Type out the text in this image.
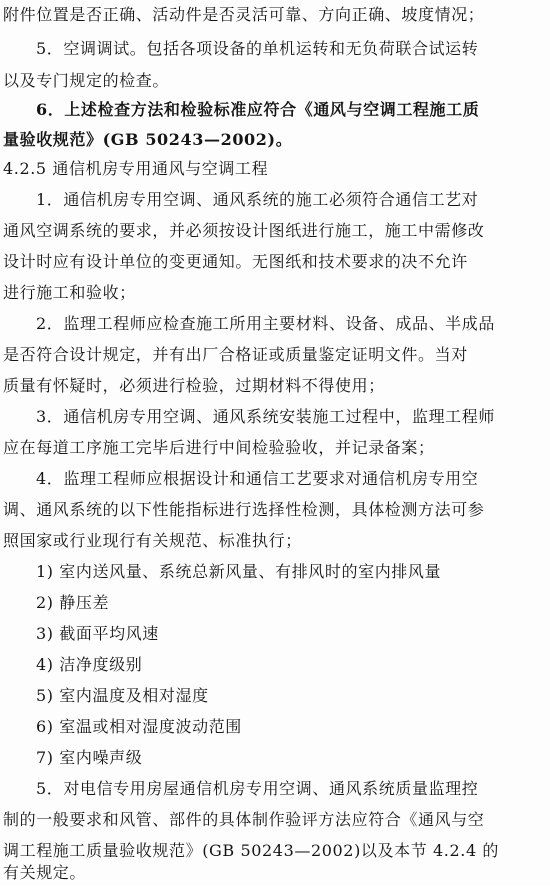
附件位置是否正确、活动件是否灵活可靠、方向正确、坡度情况；
5．空调调试。包括各项设备的单机运转和无负荷联合试运转
以及专门规定的检查。
6．上述检查方法和检验标准应符合《通风与空调工程施工质
量验收规范》(GB 50243—2002)。
4.2.5 通信机房专用通风与空调工程
1．通信机房专用空调、通风系统的施工必须符合通信工艺对
通风空调系统的要求，并必须按设计图纸进行施工，施工中需修改
设计时应有设计单位的变更通知。无图纸和技术要求的决不允许
进行施工和验收；
2．监理工程师应检查施工所用主要材料、设备、成品、半成品
是否符合设计规定，并有出厂合格证或质量鉴定证明文件。当对
质量有怀疑时，必须进行检验，过期材料不得使用；
3．通信机房专用空调、通风系统安装施工过程中，监理工程师
应在每道工序施工完毕后进行中间检验验收，并记录备案；
4．监理工程师应根据设计和通信工艺要求对通信机房专用空
调、通风系统的以下性能指标进行选择性检测，具体检测方法可参
照国家或行业现行有关规范、标准执行；
1) 室内送风量、系统总新风量、有排风时的室内排风量
2) 静压差
3) 截面平均风速
4) 洁净度级别
5) 室内温度及相对湿度
6) 室温或相对湿度波动范围
7) 室内噪声级
5．对电信专用房屋通信机房专用空调、通风系统质量监理控
制的一般要求和风管、部件的具体制作验评方法应符合《通风与空
调工程施工质量验收规范》(GB 50243—2002)以及本节 4.2.4 的
有关规定。
